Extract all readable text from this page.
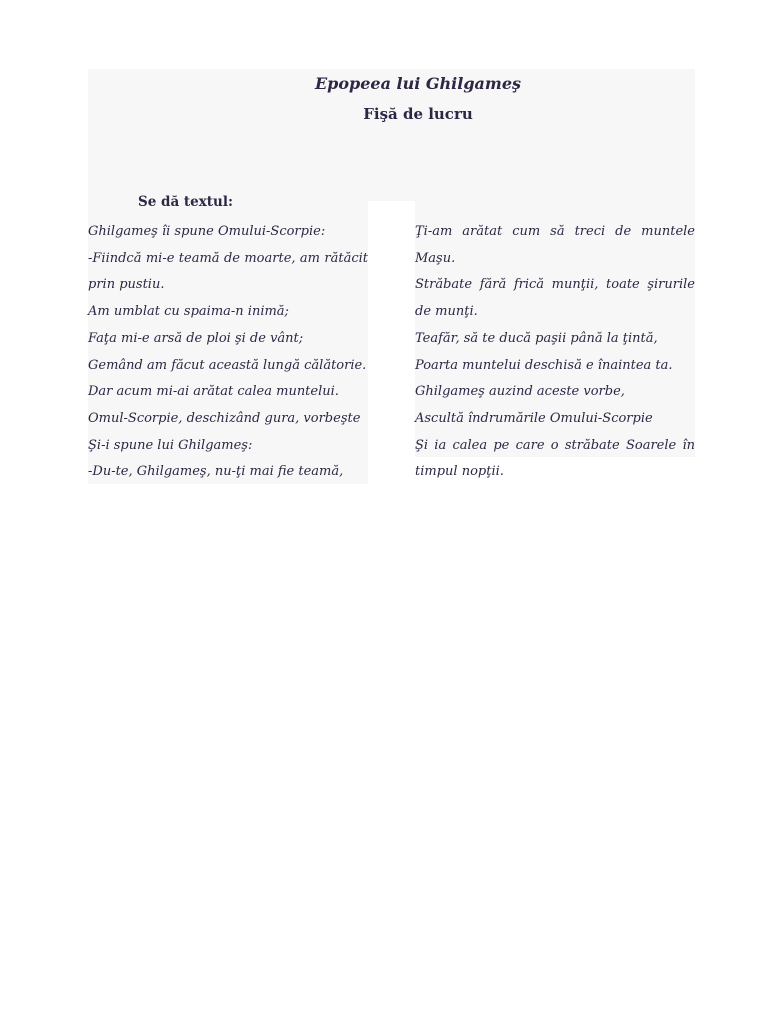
Epopeea lui Ghilgameş
Fişă de lucru
Se dă textul:
Ghilgameş îi spune Omului-Scorpie:
-Fiindcă mi-e teamă de moarte, am rătăcit prin pustiu.
Am umblat cu spaima-n inimă;
Faţa mi-e arsă de ploi şi de vânt;
Gemând am făcut această lungă călătorie.
Dar acum mi-ai arătat calea muntelui.
Omul-Scorpie, deschizând gura, vorbeşte
Şi-i spune lui Ghilgameş:
-Du-te, Ghilgameş, nu-ţi mai fie teamă,
Ţi-am arătat cum să treci de muntele Maşu.
Străbate fără frică munţii, toate şirurile de munţi.
Teafăr, să te ducă paşii până la ţintă,
Poarta muntelui deschisă e înaintea ta.
Ghilgameş auzind aceste vorbe,
Ascultă îndrumările Omului-Scorpie
Şi ia calea pe care o străbate Soarele în timpul nopţii.
